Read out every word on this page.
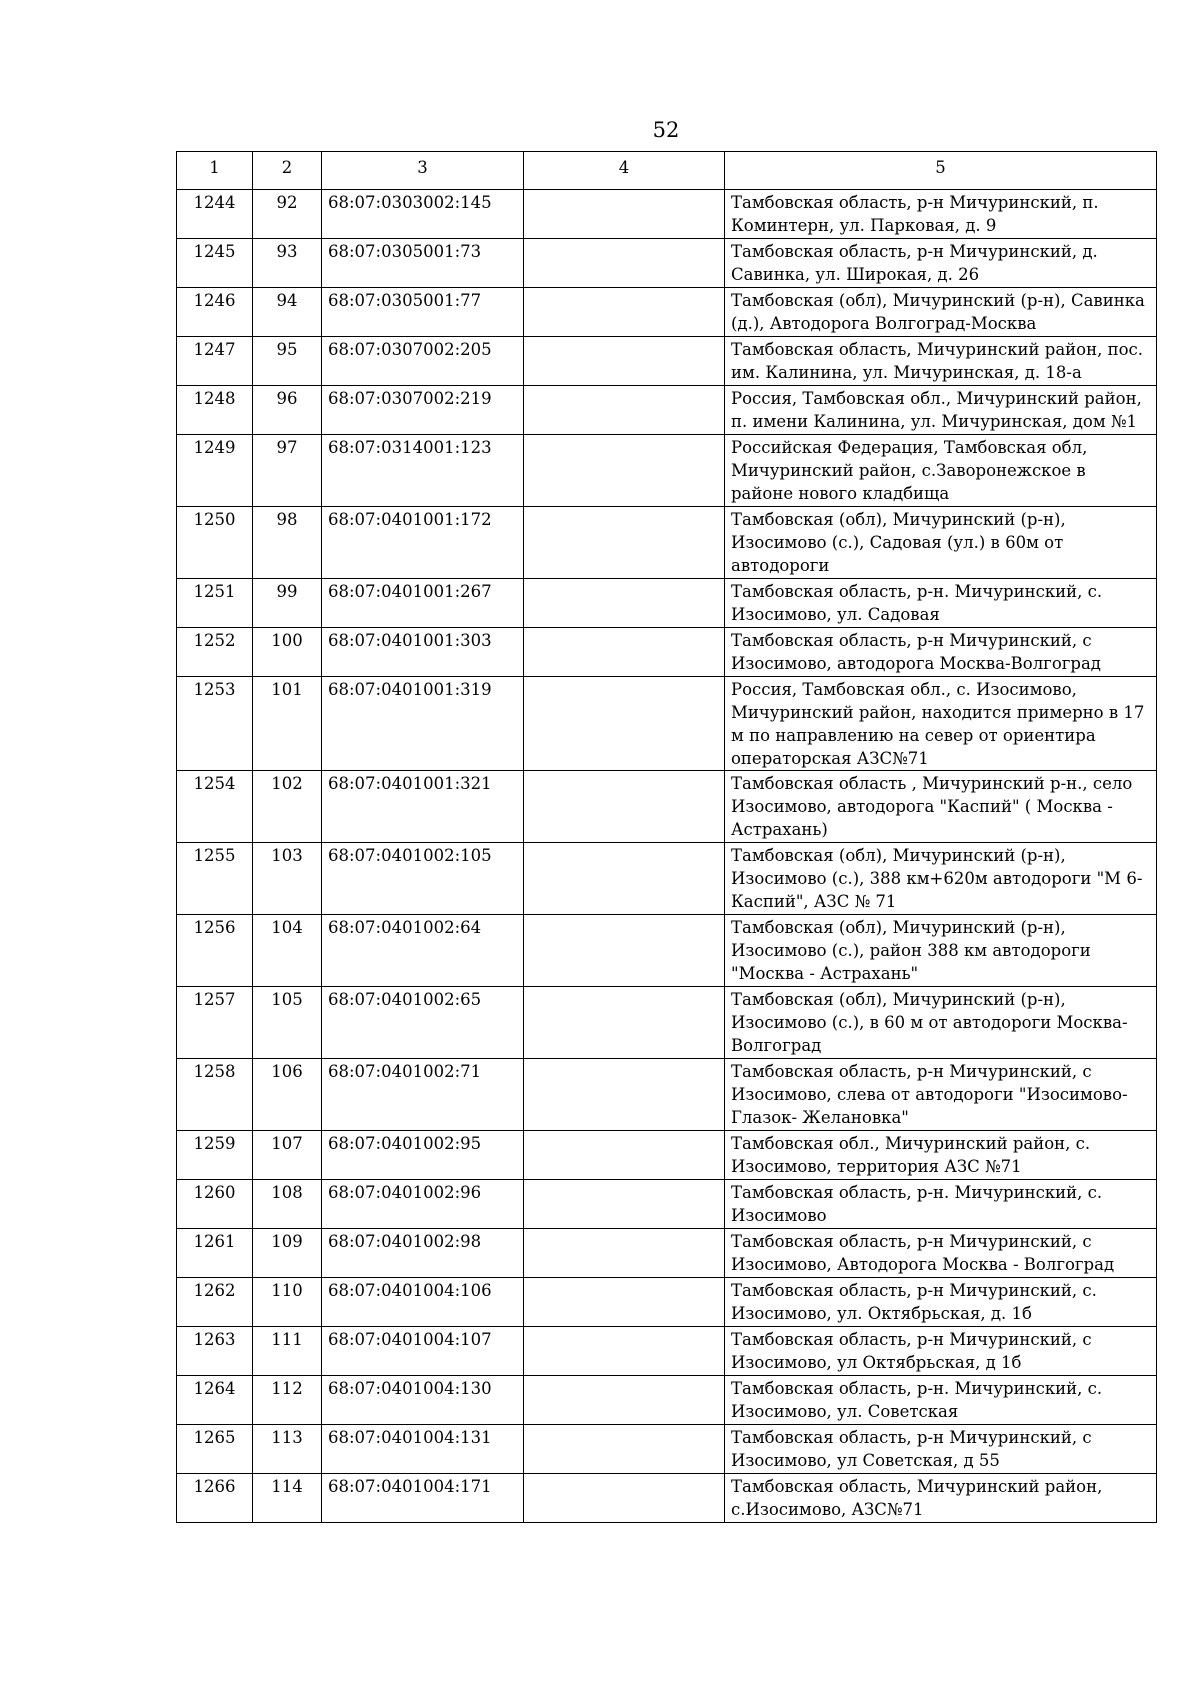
52
1	2	3	4	5
1244	92	68:07:0303002:145		Тамбовская область, р-н Мичуринский, п. Коминтерн, ул. Парковая, д. 9
1245	93	68:07:0305001:73		Тамбовская область, р-н Мичуринский, д. Савинка, ул. Широкая, д. 26
1246	94	68:07:0305001:77		Тамбовская (обл), Мичуринский (р-н), Савинка (д.), Автодорога Волгоград-Москва
1247	95	68:07:0307002:205		Тамбовская область, Мичуринский район, пос. им. Калинина, ул. Мичуринская, д. 18-а
1248	96	68:07:0307002:219		Россия, Тамбовская обл., Мичуринский район, п. имени Калинина, ул. Мичуринская, дом №1
1249	97	68:07:0314001:123		Российская Федерация, Тамбовская обл, Мичуринский район, с.Заворонежское в районе нового кладбища
1250	98	68:07:0401001:172		Тамбовская (обл), Мичуринский (р-н), Изосимово (с.), Садовая (ул.) в 60м от автодороги
1251	99	68:07:0401001:267		Тамбовская область, р-н. Мичуринский, с. Изосимово, ул. Садовая
1252	100	68:07:0401001:303		Тамбовская область, р-н Мичуринский, с Изосимово, автодорога Москва-Волгоград
1253	101	68:07:0401001:319		Россия, Тамбовская обл., с. Изосимово, Мичуринский район, находится примерно в 17 м по направлению на север от ориентира операторская АЗС№71
1254	102	68:07:0401001:321		Тамбовская область , Мичуринский р-н., село Изосимово, автодорога "Каспий" ( Москва - Астрахань)
1255	103	68:07:0401002:105		Тамбовская (обл), Мичуринский (р-н), Изосимово (с.), 388 км+620м автодороги "М 6-Каспий", АЗС № 71
1256	104	68:07:0401002:64		Тамбовская (обл), Мичуринский (р-н), Изосимово (с.), район 388 км автодороги "Москва - Астрахань"
1257	105	68:07:0401002:65		Тамбовская (обл), Мичуринский (р-н), Изосимово (с.), в 60 м от автодороги Москва-Волгоград
1258	106	68:07:0401002:71		Тамбовская область, р-н Мичуринский, с Изосимово, слева от автодороги "Изосимово-Глазок- Желановка"
1259	107	68:07:0401002:95		Тамбовская обл., Мичуринский район, с. Изосимово, территория АЗС №71
1260	108	68:07:0401002:96		Тамбовская область, р-н. Мичуринский, с. Изосимово
1261	109	68:07:0401002:98		Тамбовская область, р-н Мичуринский, с Изосимово, Автодорога Москва - Волгоград
1262	110	68:07:0401004:106		Тамбовская область, р-н Мичуринский, с. Изосимово, ул. Октябрьская, д. 1б
1263	111	68:07:0401004:107		Тамбовская область, р-н Мичуринский, с Изосимово, ул Октябрьская, д 1б
1264	112	68:07:0401004:130		Тамбовская область, р-н. Мичуринский, с. Изосимово, ул. Советская
1265	113	68:07:0401004:131		Тамбовская область, р-н Мичуринский, с Изосимово, ул Советская, д 55
1266	114	68:07:0401004:171		Тамбовская область, Мичуринский район, с.Изосимово, АЗС№71
